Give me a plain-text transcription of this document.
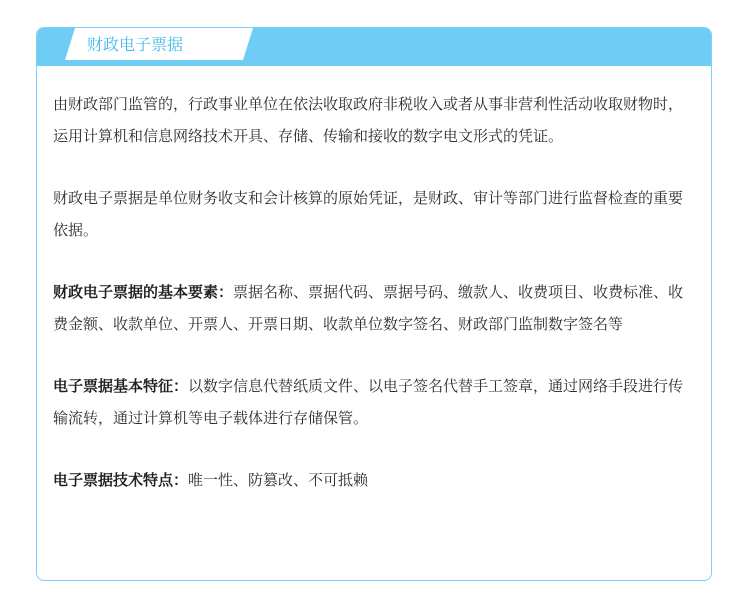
财政电子票据

由财政部门监管的，行政事业单位在依法收取政府非税收入或者从事非营利性活动收取财物时，运用计算机和信息网络技术开具、存储、传输和接收的数字电文形式的凭证。

财政电子票据是单位财务收支和会计核算的原始凭证，是财政、审计等部门进行监督检查的重要依据。

财政电子票据的基本要素：票据名称、票据代码、票据号码、缴款人、收费项目、收费标准、收费金额、收款单位、开票人、开票日期、收款单位数字签名、财政部门监制数字签名等

电子票据基本特征：以数字信息代替纸质文件、以电子签名代替手工签章，通过网络手段进行传输流转，通过计算机等电子载体进行存储保管。

电子票据技术特点：唯一性、防篡改、不可抵赖
